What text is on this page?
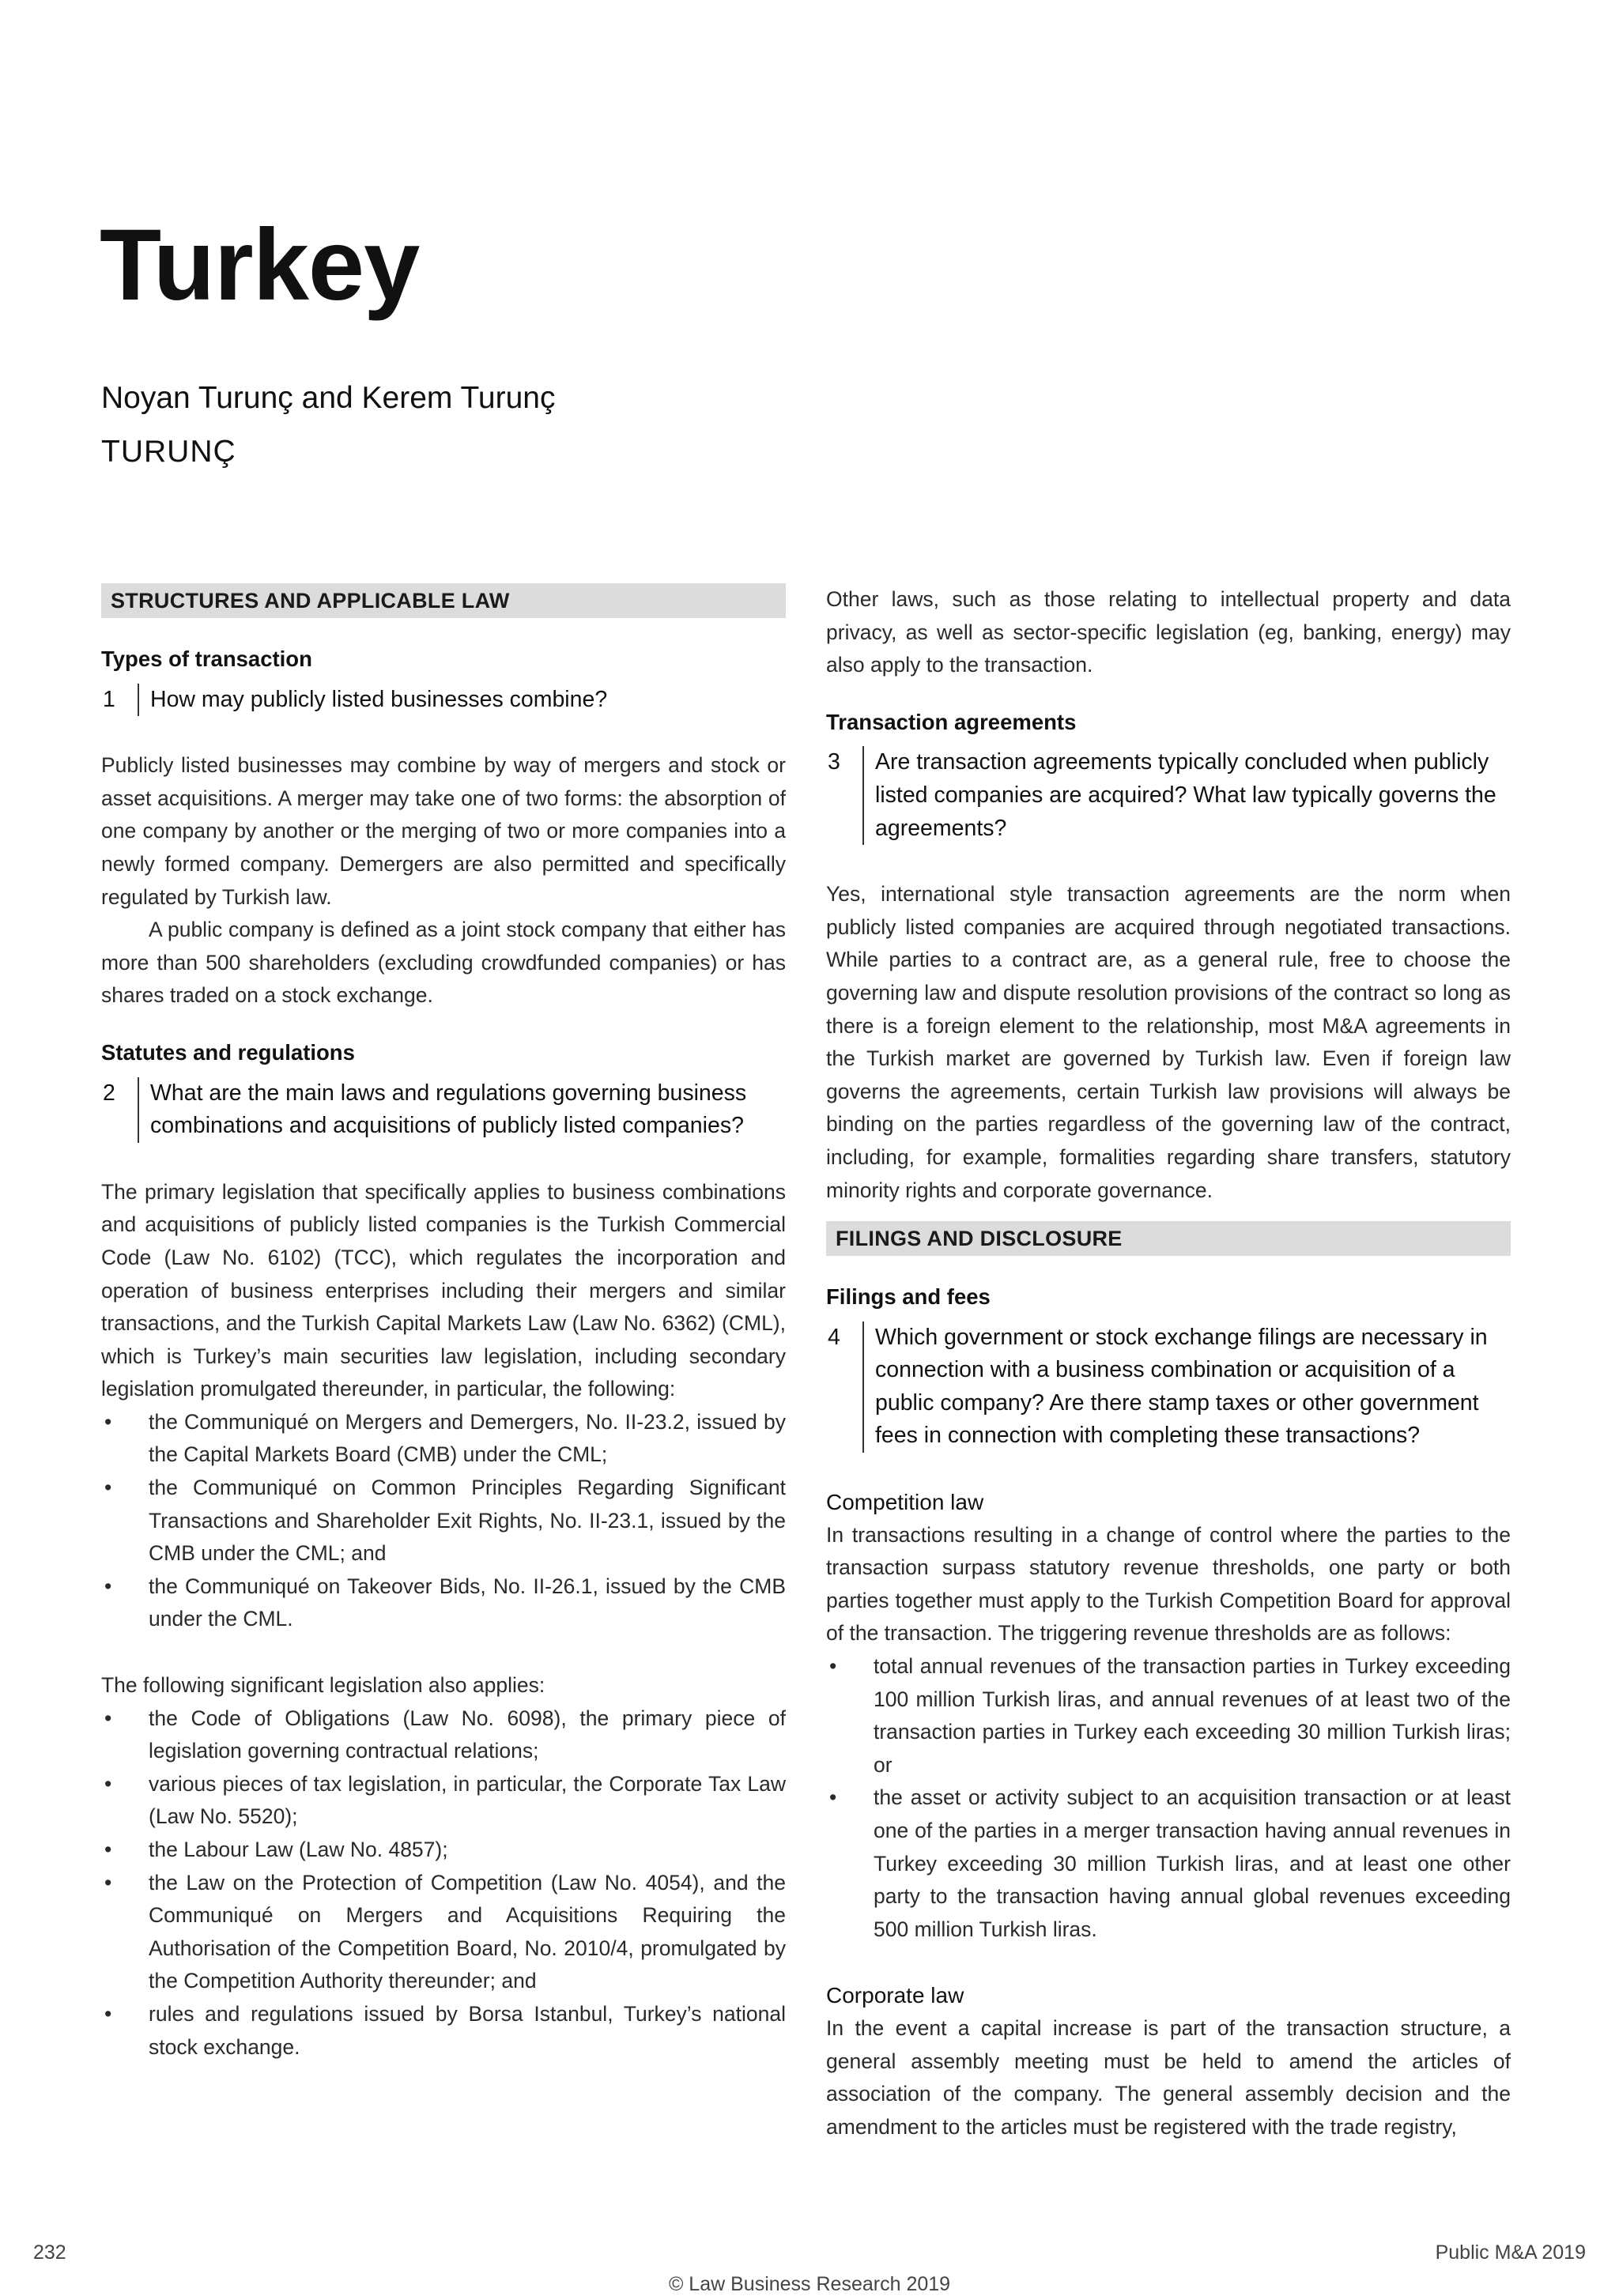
Turkey
Noyan Turunç and Kerem Turunç
TURUNÇ
STRUCTURES AND APPLICABLE LAW
Types of transaction
1	How may publicly listed businesses combine?

Publicly listed businesses may combine by way of mergers and stock or asset acquisitions. A merger may take one of two forms: the absorption of one company by another or the merging of two or more companies into a newly formed company. Demergers are also permitted and specifically regulated by Turkish law.

A public company is defined as a joint stock company that either has more than 500 shareholders (excluding crowdfunded companies) or has shares traded on a stock exchange.

Statutes and regulations
2	What are the main laws and regulations governing business combinations and acquisitions of publicly listed companies?

The primary legislation that specifically applies to business combinations and acquisitions of publicly listed companies is the Turkish Commercial Code (Law No. 6102) (TCC), which regulates the incorporation and operation of business enterprises including their mergers and similar transactions, and the Turkish Capital Markets Law (Law No. 6362) (CML), which is Turkey’s main securities law legislation, including secondary legislation promulgated thereunder, in particular, the following:

• the Communiqué on Mergers and Demergers, No. II-23.2, issued by the Capital Markets Board (CMB) under the CML;
• the Communiqué on Common Principles Regarding Significant Transactions and Shareholder Exit Rights, No. II-23.1, issued by the CMB under the CML; and
• the Communiqué on Takeover Bids, No. II-26.1, issued by the CMB under the CML.

The following significant legislation also applies:

• the Code of Obligations (Law No. 6098), the primary piece of legislation governing contractual relations;
• various pieces of tax legislation, in particular, the Corporate Tax Law (Law No. 5520);
• the Labour Law (Law No. 4857);
• the Law on the Protection of Competition (Law No. 4054), and the Communiqué on Mergers and Acquisitions Requiring the Authorisation of the Competition Board, No. 2010/4, promulgated by the Competition Authority thereunder; and
• rules and regulations issued by Borsa Istanbul, Turkey’s national stock exchange.

Other laws, such as those relating to intellectual property and data privacy, as well as sector-specific legislation (eg, banking, energy) may also apply to the transaction.

Transaction agreements
3	Are transaction agreements typically concluded when publicly listed companies are acquired? What law typically governs the agreements?

Yes, international style transaction agreements are the norm when publicly listed companies are acquired through negotiated transactions. While parties to a contract are, as a general rule, free to choose the governing law and dispute resolution provisions of the contract so long as there is a foreign element to the relationship, most M&A agreements in the Turkish market are governed by Turkish law. Even if foreign law governs the agreements, certain Turkish law provisions will always be binding on the parties regardless of the governing law of the contract, including, for example, formalities regarding share transfers, statutory minority rights and corporate governance.

FILINGS AND DISCLOSURE
Filings and fees
4	Which government or stock exchange filings are necessary in connection with a business combination or acquisition of a public company? Are there stamp taxes or other government fees in connection with completing these transactions?
Competition law

In transactions resulting in a change of control where the parties to the transaction surpass statutory revenue thresholds, one party or both parties together must apply to the Turkish Competition Board for approval of the transaction. The triggering revenue thresholds are as follows:

• total annual revenues of the transaction parties in Turkey exceeding 100 million Turkish liras, and annual revenues of at least two of the transaction parties in Turkey each exceeding 30 million Turkish liras; or
• the asset or activity subject to an acquisition transaction or at least one of the parties in a merger transaction having annual revenues in Turkey exceeding 30 million Turkish liras, and at least one other party to the transaction having annual global revenues exceeding 500 million Turkish liras.
Corporate law

In the event a capital increase is part of the transaction structure, a general assembly meeting must be held to amend the articles of association of the company. The general assembly decision and the amendment to the articles must be registered with the trade registry,

232	Public M&A 2019
© Law Business Research 2019
